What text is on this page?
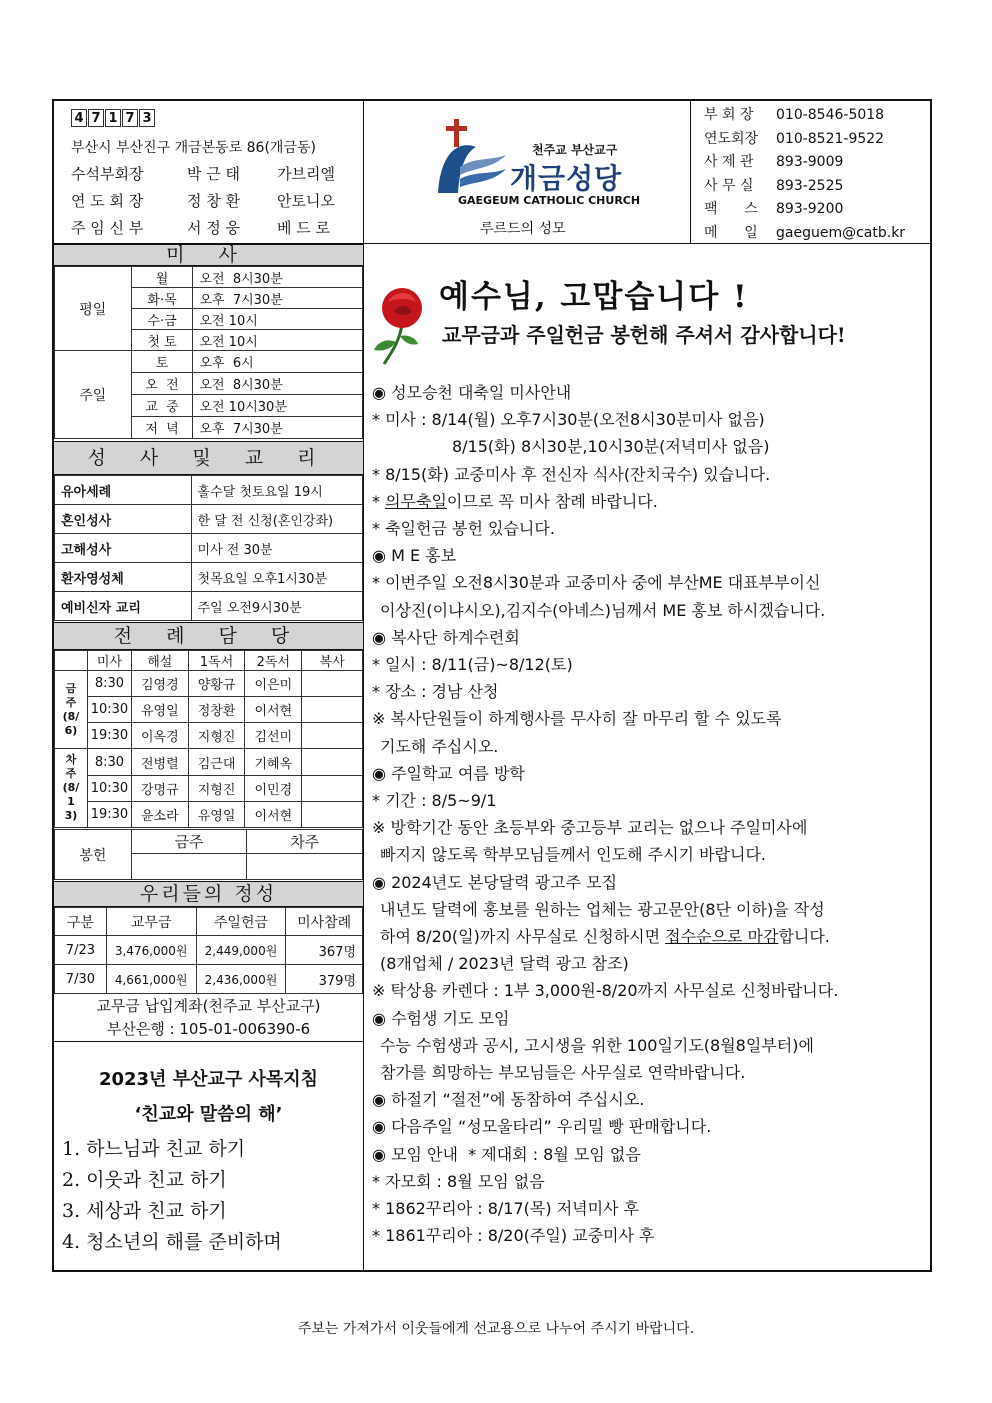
4 7 1 7 3
부산시 부산진구 개금본동로 86(개금동)
수석부회장	박 근 태 가브리엘
연 도 회 장	정 창 환 안토니오
주 임 신 부	서 정 웅 베 드 로
천주교 부산교구
개금성당
GAEGEUM CATHOLIC CHURCH
루르드의 성모
부 회 장 010-8546-5018
연도회장 010-8521-9522
사 제 관 893-9009
사 무 실 893-2525
팩      스 893-9200
메      일 gaeguem@catb.kr
미 사
평일	월	오전  8시30분
	화·목	오후  7시30분
	수·금	오전 10시
	첫 토	오전 10시
주일	토	오후  6시
	오  전	오전  8시30분
	교  중	오전 10시30분
	저  녁	오후  7시30분
성 사 및 교 리
유아세례	홀수달 첫토요일 19시
혼인성사	한 달 전 신청(혼인강좌)
고해성사	미사 전 30분
환자영성체	첫목요일 오후1시30분
예비신자 교리	주일 오전9시30분
전 례 담 당
	미사	해설	1독서	2독서	복사
금주(8/6)	8:30	김영경	양황규	이은미	
	10:30	유영일	정창환	이서현	
	19:30	이옥경	지형진	김선미	
차주(8/13)	8:30	전병렬	김근대	기혜옥	
	10:30	강명규	지형진	이민경	
	19:30	윤소라	유영일	이서현	
봉헌	금주	차주

우리들의 정성
구분	교무금	주일헌금	미사참례
7/23	3,476,000원	2,449,000원	367명
7/30	4,661,000원	2,436,000원	379명
교무금 납입계좌(천주교 부산교구)
부산은행 : 105-01-006390-6
2023년 부산교구 사목지침
‘친교와 말씀의 해’
1. 하느님과 친교 하기
2. 이웃과 친교 하기
3. 세상과 친교 하기
4. 청소년의 해를 준비하며
예수님, 고맙습니다 !
교무금과 주일헌금 봉헌해 주셔서 감사합니다!
◉ 성모승천 대축일 미사안내
* 미사 : 8/14(월) 오후7시30분(오전8시30분미사 없음)
8/15(화) 8시30분,10시30분(저녁미사 없음)
* 8/15(화) 교중미사 후 전신자 식사(잔치국수) 있습니다.
* 의무축일이므로 꼭 미사 참례 바랍니다.
* 축일헌금 봉헌 있습니다.
◉ M E 홍보
* 이번주일 오전8시30분과 교중미사 중에 부산ME 대표부부이신
이상진(이냐시오),김지수(아녜스)님께서 ME 홍보 하시겠습니다.
◉ 복사단 하계수련회
* 일시 : 8/11(금)~8/12(토)
* 장소 : 경남 산청
※ 복사단원들이 하계행사를 무사히 잘 마무리 할 수 있도록
기도해 주십시오.
◉ 주일학교 여름 방학
* 기간 : 8/5~9/1
※ 방학기간 동안 초등부와 중고등부 교리는 없으나 주일미사에
빠지지 않도록 학부모님들께서 인도해 주시기 바랍니다.
◉ 2024년도 본당달력 광고주 모집
내년도 달력에 홍보를 원하는 업체는 광고문안(8단 이하)을 작성
하여 8/20(일)까지 사무실로 신청하시면 접수순으로 마감합니다.
(8개업체 / 2023년 달력 광고 참조)
※ 탁상용 카렌다 : 1부 3,000원-8/20까지 사무실로 신청바랍니다.
◉ 수험생 기도 모임
수능 수험생과 공시, 고시생을 위한 100일기도(8월8일부터)에
참가를 희망하는 부모님들은 사무실로 연락바랍니다.
◉ 하절기 “절전”에 동참하여 주십시오.
◉ 다음주일 “성모울타리” 우리밀 빵 판매합니다.
◉ 모임 안내 * 제대회 : 8월 모임 없음
* 자모회 : 8월 모임 없음
* 1862꾸리아 : 8/17(목) 저녁미사 후
* 1861꾸리아 : 8/20(주일) 교중미사 후
주보는 가져가서 이웃들에게 선교용으로 나누어 주시기 바랍니다.
